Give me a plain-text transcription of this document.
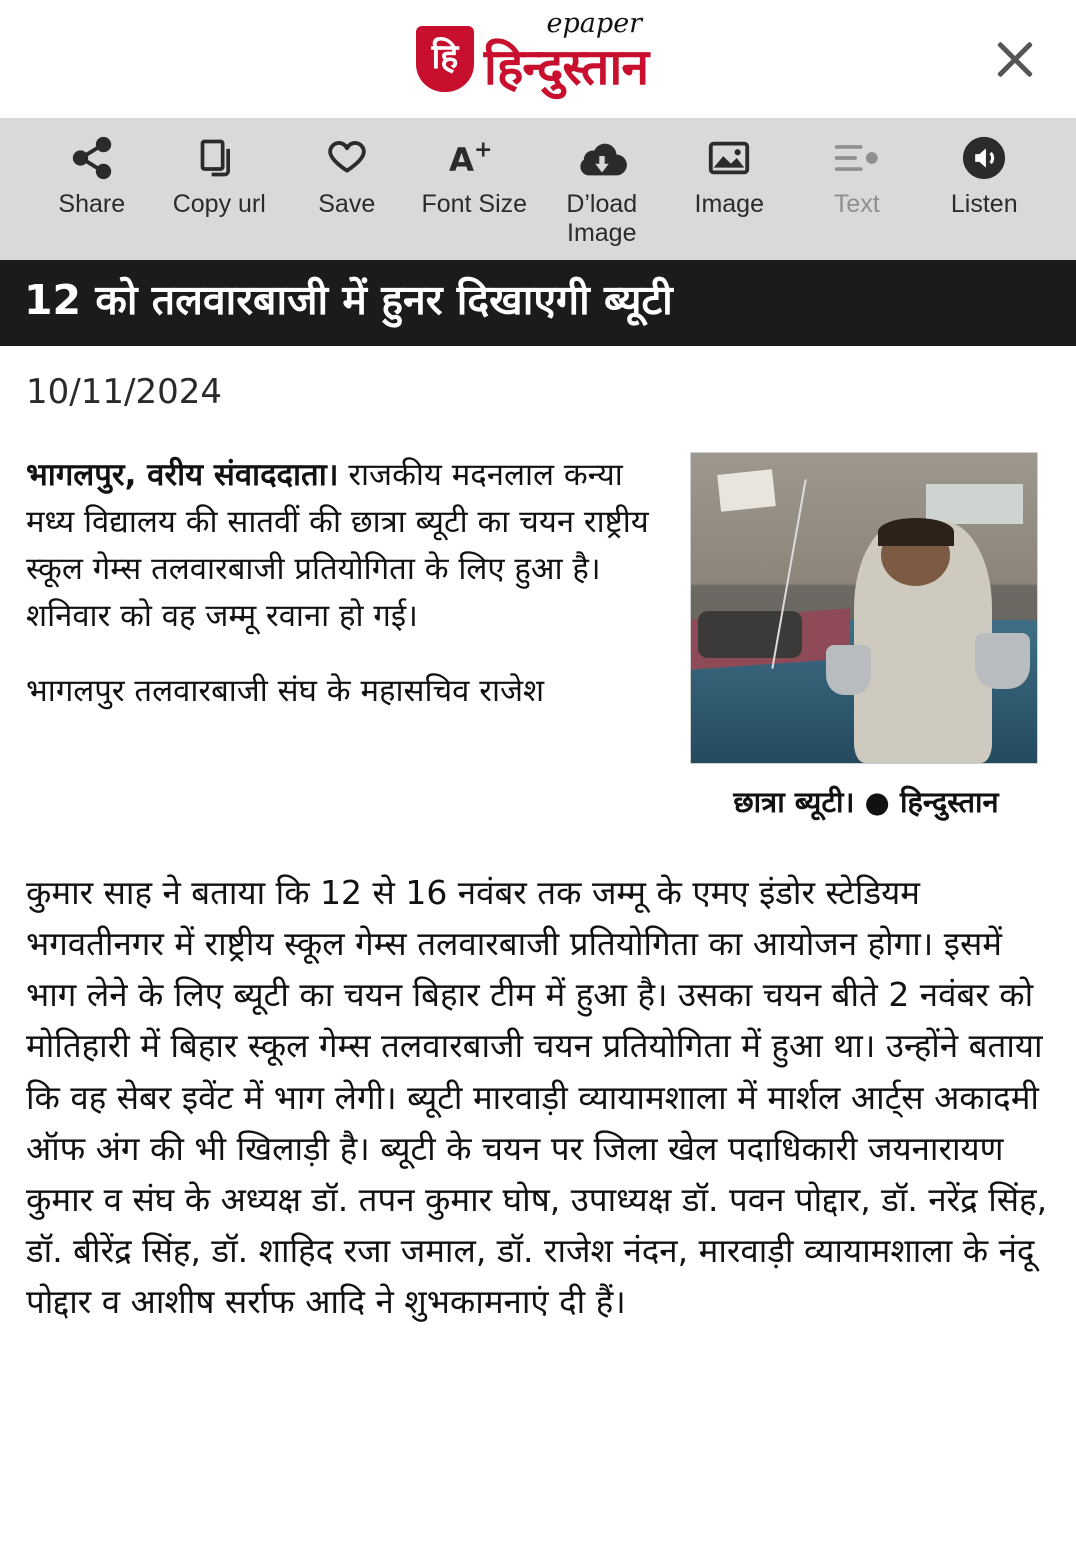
हि
epaper
हिन्दुस्तान
Share Copy url Save
A +
Font Size	D’load Image
Image	Text	Listen
12 को तलवारबाजी में हुनर दिखाएगी ब्यूटी
10/11/2024

भागलपुर, वरीय संवाददाता। राजकीय मदनलाल कन्या मध्य विद्यालय की सातवीं की छात्रा ब्यूटी का चयन राष्ट्रीय स्कूल गेम्स तलवारबाजी प्रतियोगिता के लिए हुआ है। शनिवार को वह जम्मू रवाना हो गई।

भागलपुर तलवारबाजी संघ के महासचिव राजेश

छात्रा ब्यूटी। ● हिन्दुस्तान

कुमार साह ने बताया कि 12 से 16 नवंबर तक जम्मू के एमए इंडोर स्टेडियम भगवतीनगर में राष्ट्रीय स्कूल गेम्स तलवारबाजी प्रतियोगिता का आयोजन होगा। इसमें भाग लेने के लिए ब्यूटी का चयन बिहार टीम में हुआ है। उसका चयन बीते 2 नवंबर को मोतिहारी में बिहार स्कूल गेम्स तलवारबाजी चयन प्रतियोगिता में हुआ था। उन्होंने बताया कि वह सेबर इवेंट में भाग लेगी। ब्यूटी मारवाड़ी व्यायामशाला में मार्शल आर्ट्स अकादमी ऑफ अंग की भी खिलाड़ी है। ब्यूटी के चयन पर जिला खेल पदाधिकारी जयनारायण कुमार व संघ के अध्यक्ष डॉ. तपन कुमार घोष, उपाध्यक्ष डॉ. पवन पोद्दार, डॉ. नरेंद्र सिंह, डॉ. बीरेंद्र सिंह, डॉ. शाहिद रजा जमाल, डॉ. राजेश नंदन, मारवाड़ी व्यायामशाला के नंदू पोद्दार व आशीष सर्राफ आदि ने शुभकामनाएं दी हैं।
